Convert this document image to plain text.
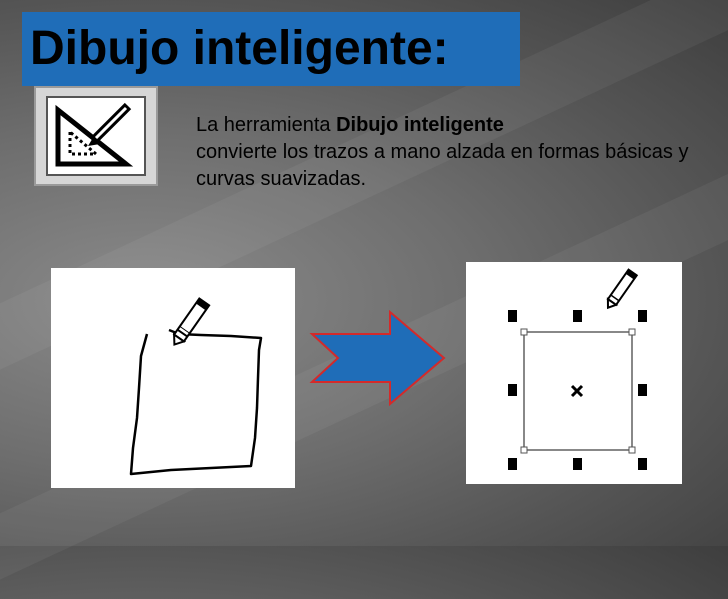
Dibujo inteligente:
La herramienta Dibujo inteligente
convierte los trazos a mano alzada en formas básicas y curvas suavizadas.
